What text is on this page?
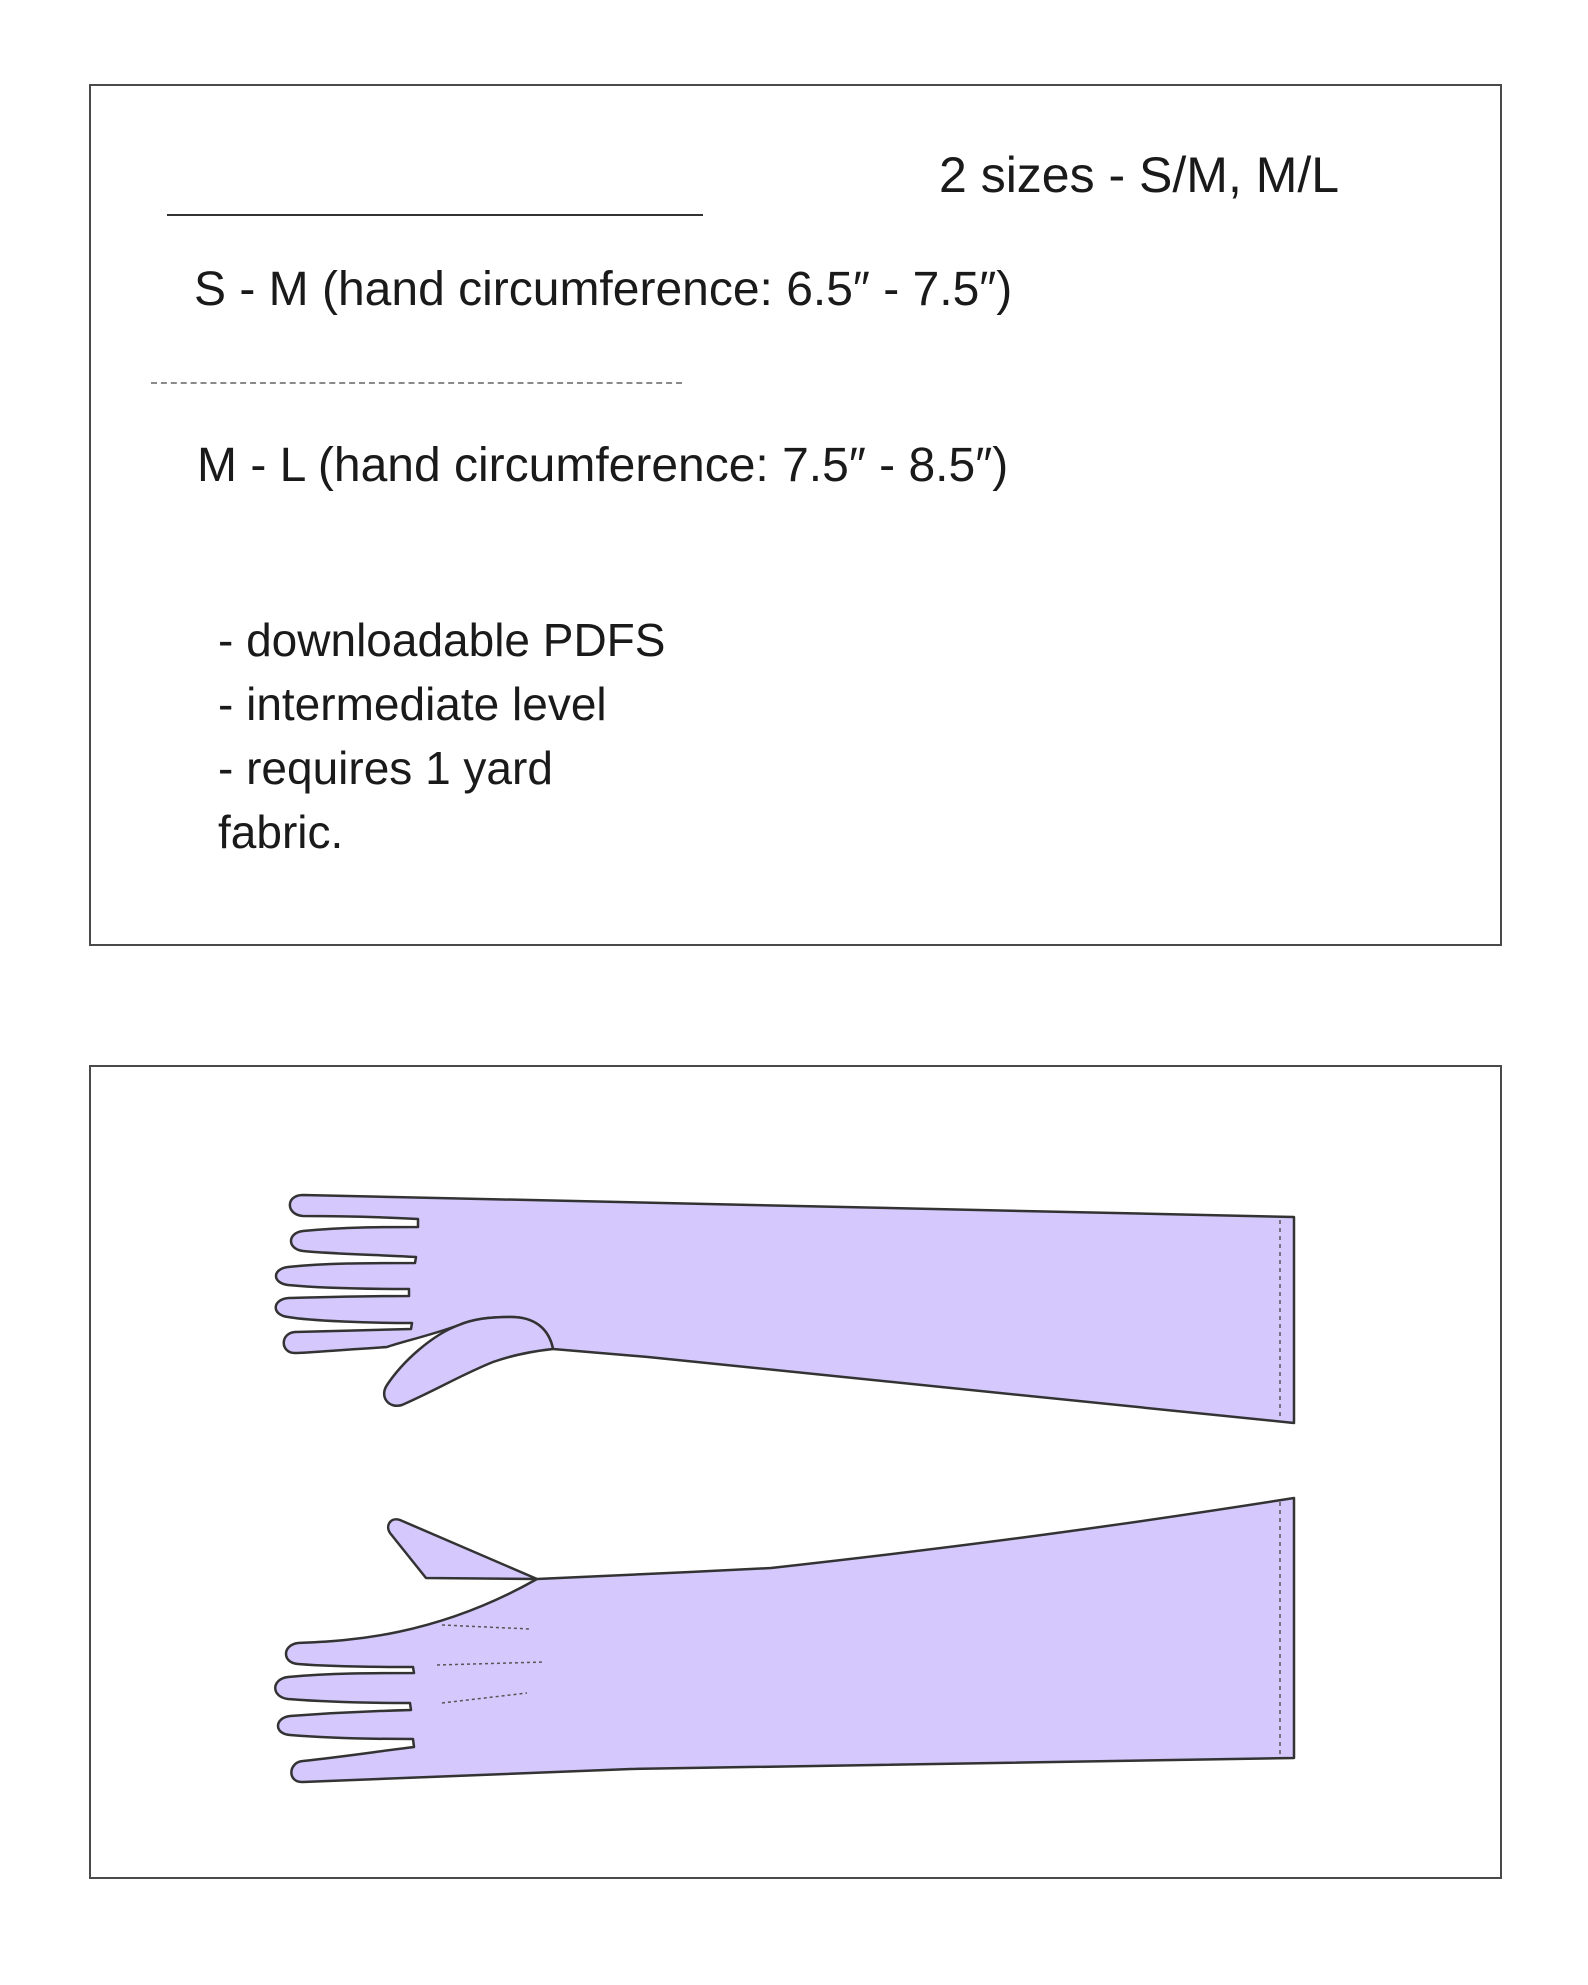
2 sizes - S/M, M/L
S - M (hand circumference: 6.5″ - 7.5″)
M - L (hand circumference: 7.5″ - 8.5″)
- downloadable PDFS
- intermediate level
- requires 1 yard
fabric.
